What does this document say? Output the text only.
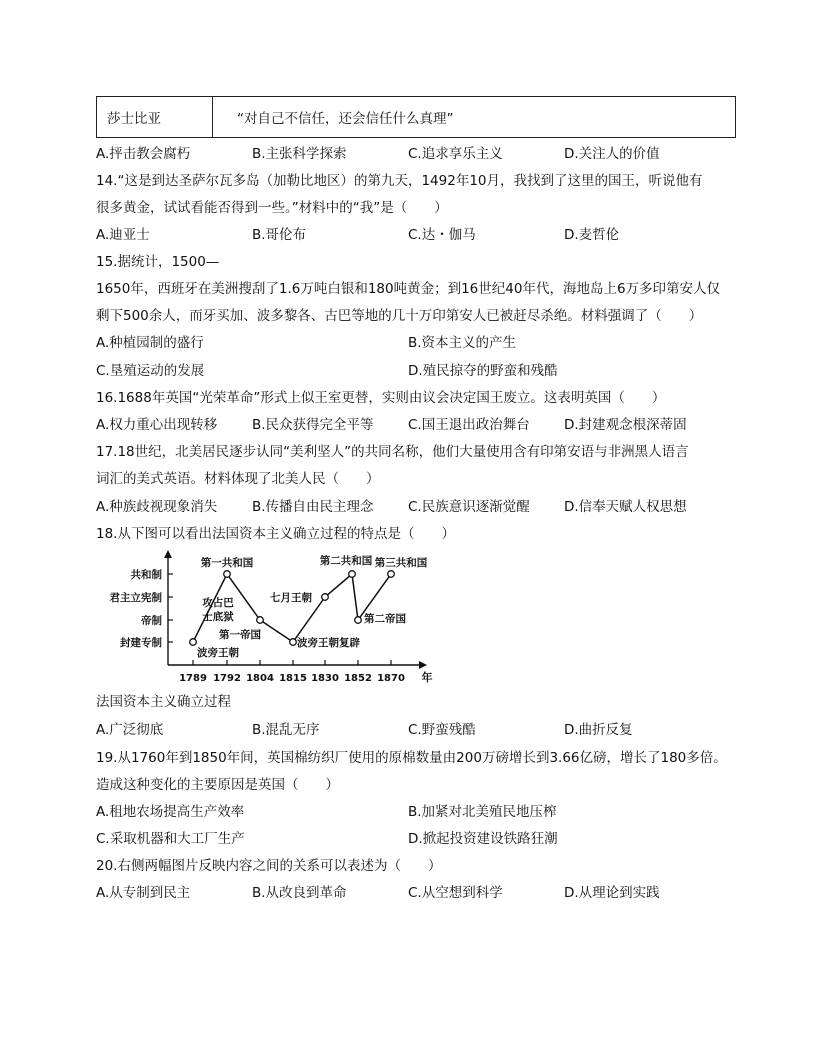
莎士比亚	“对自己不信任，还会信任什么真理”
A.抨击教会腐朽	B.主张科学探索	C.追求享乐主义	D.关注人的价值
14.“这是到达圣萨尔瓦多岛（加勒比地区）的第九天，1492年10月，我找到了这里的国王，听说他有
很多黄金，试试看能否得到一些。”材料中的“我”是（　　）
A.迪亚士	B.哥伦布	C.达・伽马	D.麦哲伦
15.据统计，1500—
1650年，西班牙在美洲搜刮了1.6万吨白银和180吨黄金；到16世纪40年代，海地岛上6万多印第安人仅
剩下500余人，而牙买加、波多黎各、古巴等地的几十万印第安人已被赶尽杀绝。材料强调了（　　）
A.种植园制的盛行	B.资本主义的产生
C.垦殖运动的发展	D.殖民掠夺的野蛮和残酷
16.1688年英国“光荣革命”形式上似王室更替，实则由议会决定国王废立。这表明英国（　　）
A.权力重心出现转移	B.民众获得完全平等	C.国王退出政治舞台	D.封建观念根深蒂固
17.18世纪，北美居民逐步认同“美利坚人”的共同名称，他们大量使用含有印第安语与非洲黑人语言
词汇的美式英语。材料体现了北美人民（　　）
A.种族歧视现象消失	B.传播自由民主理念	C.民族意识逐渐觉醒	D.信奉天赋人权思想
18.从下图可以看出法国资本主义确立过程的特点是（　　）
封建专制
帝制
君主立宪制
共和制
1789 1792 1804 1815 1830 1852 1870 年
波旁王朝
攻占巴
士底狱
第一共和国
第一帝国
波旁王朝复辟
七月王朝
第二共和国
第二帝国
第三共和国
法国资本主义确立过程
A.广泛彻底	B.混乱无序	C.野蛮残酷	D.曲折反复
19.从1760年到1850年间，英国棉纺织厂使用的原棉数量由200万磅增长到3.66亿磅，增长了180多倍。
造成这种变化的主要原因是英国（　　）
A.租地农场提高生产效率	B.加紧对北美殖民地压榨
C.采取机器和大工厂生产	D.掀起投资建设铁路狂潮
20.右侧两幅图片反映内容之间的关系可以表述为（　　）
A.从专制到民主	B.从改良到革命	C.从空想到科学	D.从理论到实践
